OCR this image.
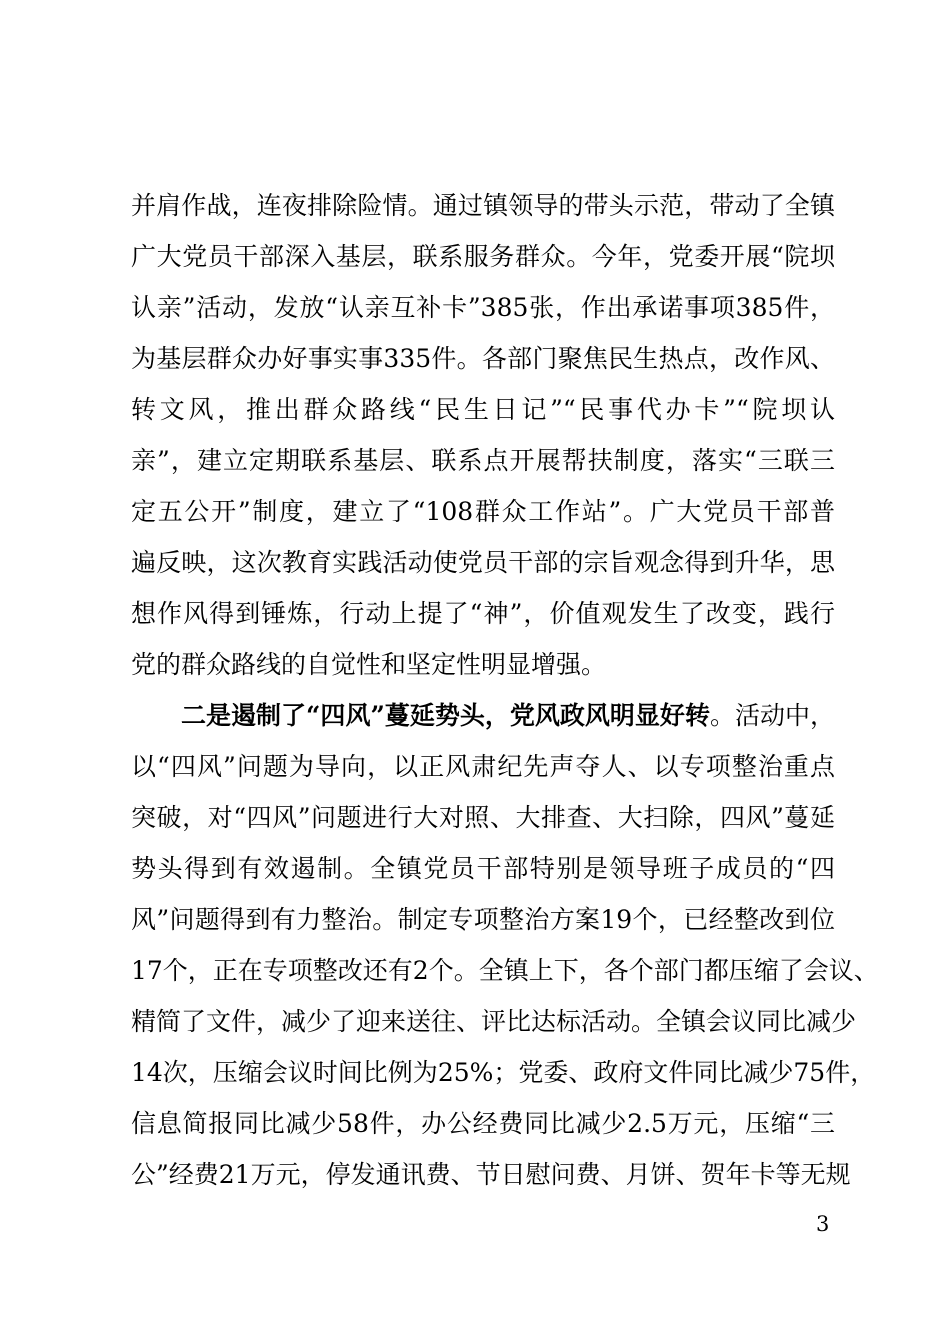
并肩作战，连夜排除险情。通过镇领导的带头示范，带动了全镇
广大党员干部深入基层，联系服务群众。今年，党委开展“院坝
认亲”活动，发放“认亲互补卡”385张，作出承诺事项385件，
为基层群众办好事实事335件。各部门聚焦民生热点，改作风、
转文风，推出群众路线“民生日记”“民事代办卡”“院坝认
亲”，建立定期联系基层、联系点开展帮扶制度，落实“三联三
定五公开”制度，建立了“108群众工作站”。广大党员干部普
遍反映，这次教育实践活动使党员干部的宗旨观念得到升华，思
想作风得到锤炼，行动上提了“神”，价值观发生了改变，践行
党的群众路线的自觉性和坚定性明显增强。
二是遏制了“四风”蔓延势头，党风政风明显好转。活动中，
以“四风”问题为导向，以正风肃纪先声夺人、以专项整治重点
突破，对“四风”问题进行大对照、大排查、大扫除，四风”蔓延
势头得到有效遏制。全镇党员干部特别是领导班子成员的“四
风”问题得到有力整治。制定专项整治方案19个，已经整改到位
17个，正在专项整改还有2个。全镇上下，各个部门都压缩了会议、
精简了文件，减少了迎来送往、评比达标活动。全镇会议同比减少
14次，压缩会议时间比例为25%；党委、政府文件同比减少75件，
信息简报同比减少58件，办公经费同比减少2.5万元，压缩“三
公”经费21万元，停发通讯费、节日慰问费、月饼、贺年卡等无规
3
